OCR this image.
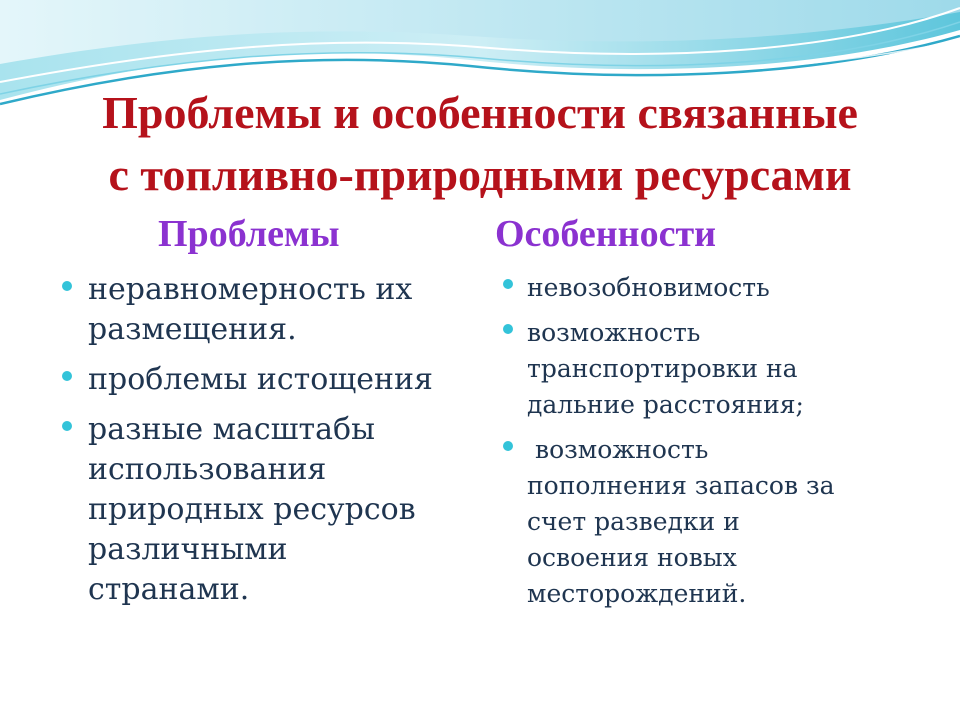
Проблемы и особенности связанные
с топливно-природными ресурсами
Проблемы	Особенности
неравномерность их
размещения.
проблемы истощения
разные масштабы
использования
природных ресурсов
различными
странами.
невозобновимость
возможность
транспортировки на
дальние расстояния;
возможность
пополнения запасов за
счет разведки и
освоения новых
месторождений.
